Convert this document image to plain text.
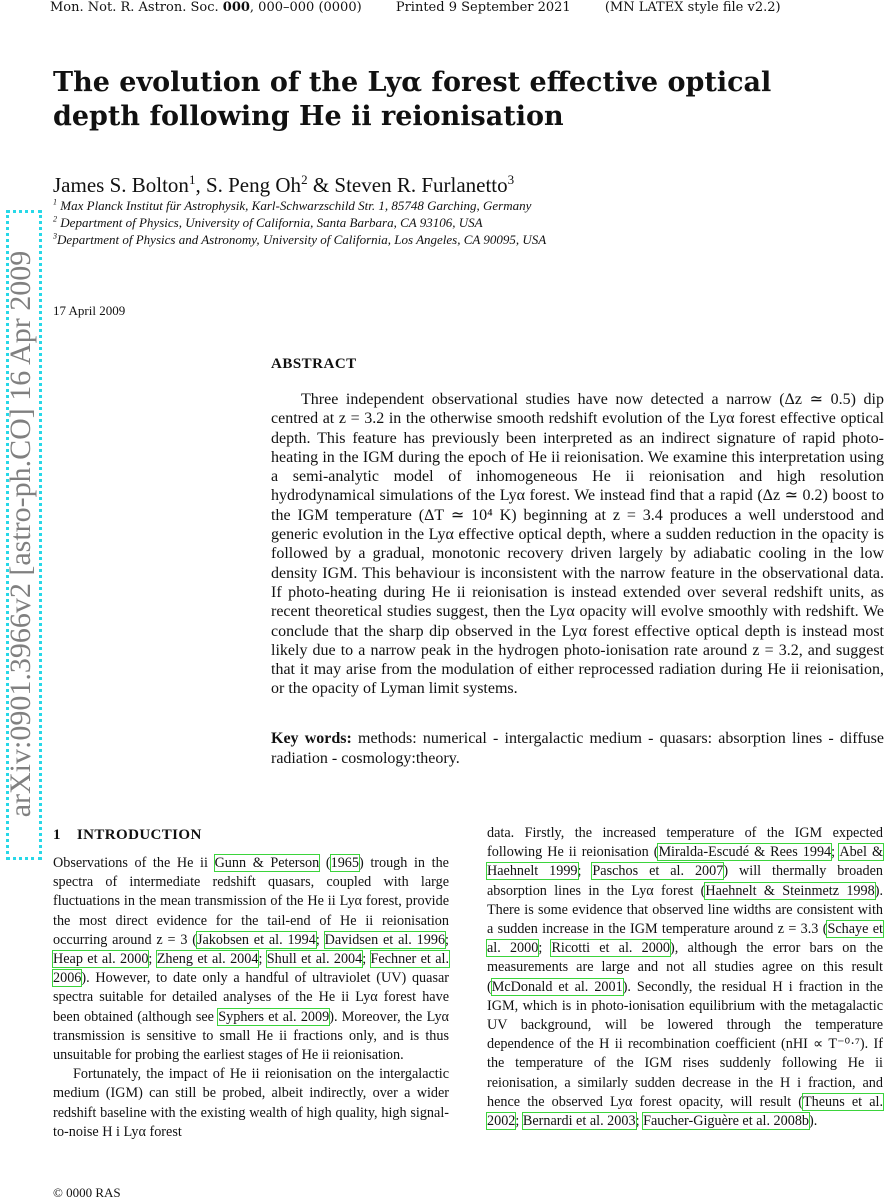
Mon. Not. R. Astron. Soc. 000, 000–000 (0000)	Printed 9 September 2021	(MN LATEX style file v2.2)
arXiv:0901.3966v2 [astro-ph.CO] 16 Apr 2009
The evolution of the Lyα forest effective optical depth following He ii reionisation
James S. Bolton$^1$, S. Peng Oh$^2$ & Steven R. Furlanetto$^3$
$^1$ Max Planck Institut für Astrophysik, Karl-Schwarzschild Str. 1, 85748 Garching, Germany
$^2$ Department of Physics, University of California, Santa Barbara, CA 93106, USA
$^3$Department of Physics and Astronomy, University of California, Los Angeles, CA 90095, USA
17 April 2009
ABSTRACT

Three independent observational studies have now detected a narrow (Δz ≃ 0.5) dip centred at z = 3.2 in the otherwise smooth redshift evolution of the Lyα forest effective optical depth. This feature has previously been interpreted as an indirect signature of rapid photo-heating in the IGM during the epoch of He ii reionisation. We examine this interpretation using a semi-analytic model of inhomogeneous He ii reionisation and high resolution hydrodynamical simulations of the Lyα forest. We instead find that a rapid (Δz ≃ 0.2) boost to the IGM temperature (ΔT ≃ 10⁴ K) beginning at z = 3.4 produces a well understood and generic evolution in the Lyα effective optical depth, where a sudden reduction in the opacity is followed by a gradual, monotonic recovery driven largely by adiabatic cooling in the low density IGM. This behaviour is inconsistent with the narrow feature in the observational data. If photo-heating during He ii reionisation is instead extended over several redshift units, as recent theoretical studies suggest, then the Lyα opacity will evolve smoothly with redshift. We conclude that the sharp dip observed in the Lyα forest effective optical depth is instead most likely due to a narrow peak in the hydrogen photo-ionisation rate around z = 3.2, and suggest that it may arise from the modulation of either reprocessed radiation during He ii reionisation, or the opacity of Lyman limit systems.

Key words: methods: numerical - intergalactic medium - quasars: absorption lines - diffuse radiation - cosmology:theory.

1 INTRODUCTION

Observations of the He ii Gunn & Peterson (1965) trough in the spectra of intermediate redshift quasars, coupled with large fluctuations in the mean transmission of the He ii Lyα forest, provide the most direct evidence for the tail-end of He ii reionisation occurring around z = 3 (Jakobsen et al. 1994; Davidsen et al. 1996; Heap et al. 2000; Zheng et al. 2004; Shull et al. 2004; Fechner et al. 2006). However, to date only a handful of ultraviolet (UV) quasar spectra suitable for detailed analyses of the He ii Lyα forest have been obtained (although see Syphers et al. 2009). Moreover, the Lyα transmission is sensitive to small He ii fractions only, and is thus unsuitable for probing the earliest stages of He ii reionisation.

Fortunately, the impact of He ii reionisation on the intergalactic medium (IGM) can still be probed, albeit indirectly, over a wider redshift baseline with the existing wealth of high quality, high signal-to-noise H i Lyα forest

data. Firstly, the increased temperature of the IGM expected following He ii reionisation (Miralda-Escudé & Rees 1994; Abel & Haehnelt 1999; Paschos et al. 2007) will thermally broaden absorption lines in the Lyα forest (Haehnelt & Steinmetz 1998). There is some evidence that observed line widths are consistent with a sudden increase in the IGM temperature around z = 3.3 (Schaye et al. 2000; Ricotti et al. 2000), although the error bars on the measurements are large and not all studies agree on this result (McDonald et al. 2001). Secondly, the residual H i fraction in the IGM, which is in photo-ionisation equilibrium with the metagalactic UV background, will be lowered through the temperature dependence of the H ii recombination coefficient (nHI ∝ T⁻⁰·⁷). If the temperature of the IGM rises suddenly following He ii reionisation, a similarly sudden decrease in the H i fraction, and hence the observed Lyα forest opacity, will result (Theuns et al. 2002; Bernardi et al. 2003; Faucher-Giguère et al. 2008b).

© 0000 RAS
